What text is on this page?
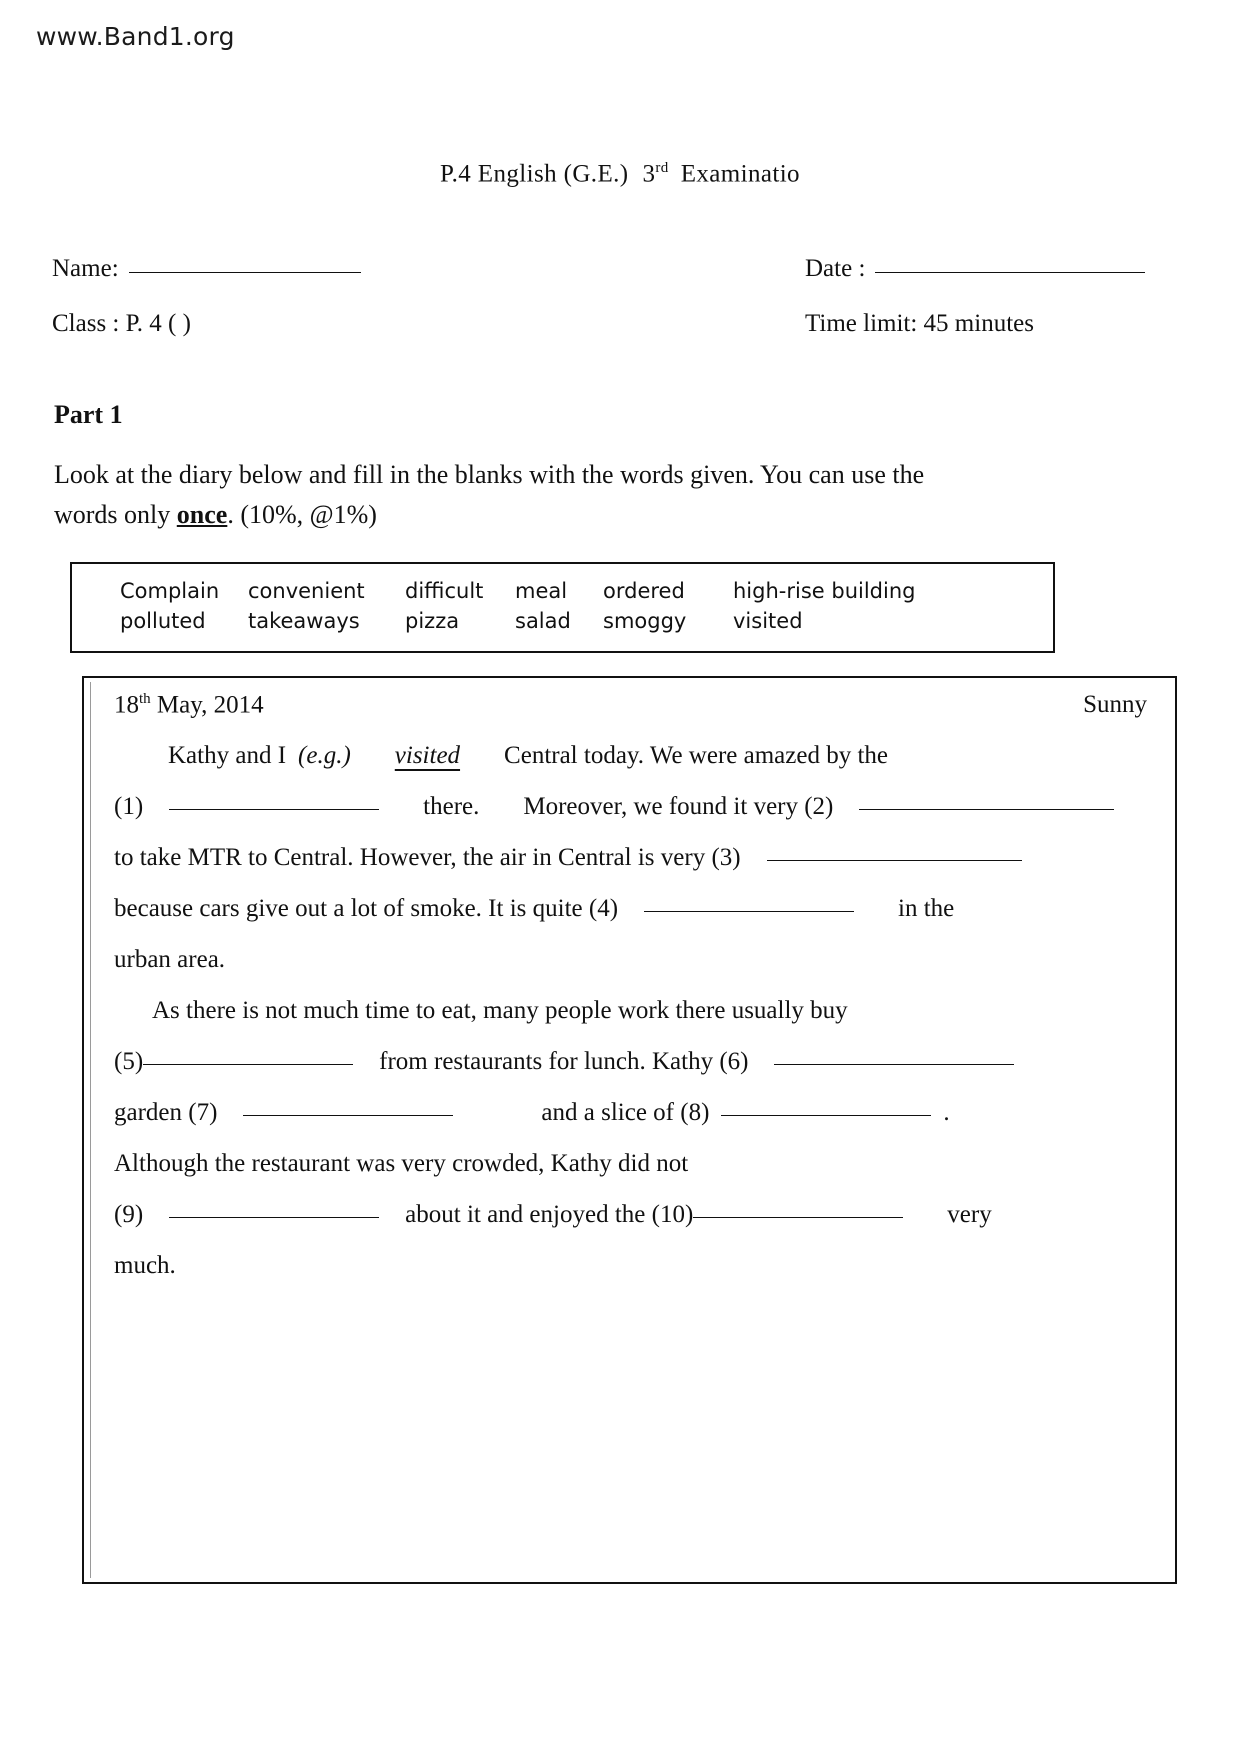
www.Band1.org
P.4 English (G.E.) 3rd Examinatio
Name:
Class : P. 4 ( )
Date :
Time limit: 45 minutes
Part 1
Look at the diary below and fill in the blanks with the words given. You can use the
words only once. (10%, @1%)
Complain	convenient	difficult	meal	ordered	high-rise building
polluted	takeaways	pizza	salad	smoggy	visited
18th May, 2014	Sunny
Kathy and I (e.g.) visited Central today. We were amazed by the
(1)	there. Moreover, we found it very (2)
to take MTR to Central. However, the air in Central is very (3)
because cars give out a lot of smoke. It is quite (4)	in the
urban area.
As there is not much time to eat, many people work there usually buy
(5)	from restaurants for lunch. Kathy (6)
garden (7)	and a slice of (8)	.
Although the restaurant was very crowded, Kathy did not
(9)	about it and enjoyed the (10)	very
much.
